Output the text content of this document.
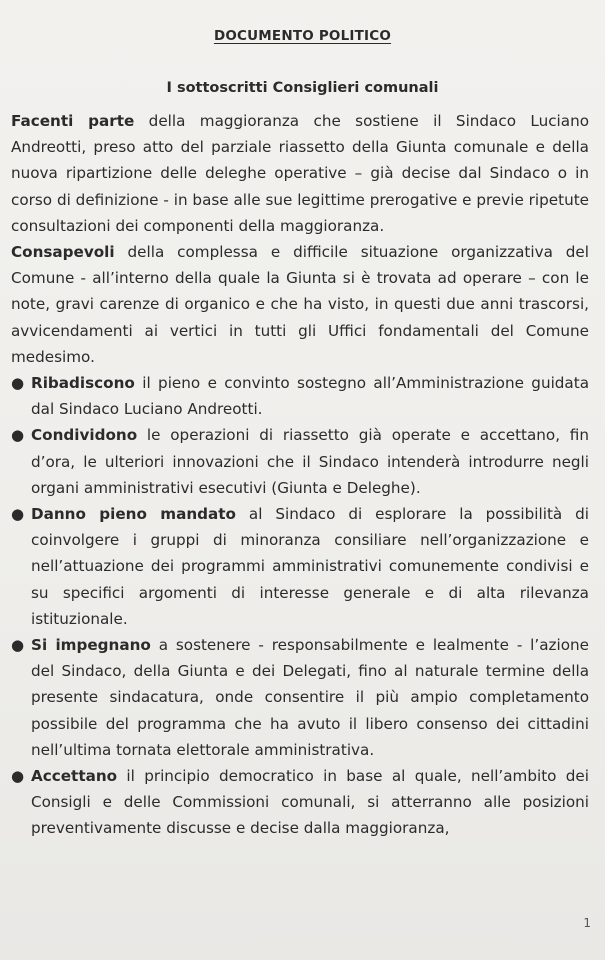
DOCUMENTO POLITICO
I sottoscritti Consiglieri comunali

Facenti parte della maggioranza che sostiene il Sindaco Luciano Andreotti, preso atto del parziale riassetto della Giunta comunale e della nuova ripartizione delle deleghe operative – già decise dal Sindaco o in corso di definizione - in base alle sue legittime prerogative e previe ripetute consultazioni dei componenti della maggioranza.

Consapevoli della complessa e difficile situazione organizzativa del Comune - all’interno della quale la Giunta si è trovata ad operare – con le note, gravi carenze di organico e che ha visto, in questi due anni trascorsi, avvicendamenti ai vertici in tutti gli Uffici fondamentali del Comune medesimo.

● Ribadiscono il pieno e convinto sostegno all’Amministrazione guidata dal Sindaco Luciano Andreotti.
● Condividono le operazioni di riassetto già operate e accettano, fin d’ora, le ulteriori innovazioni che il Sindaco intenderà introdurre negli organi amministrativi esecutivi (Giunta e Deleghe).
● Danno pieno mandato al Sindaco di esplorare la possibilità di coinvolgere i gruppi di minoranza consiliare nell’organizzazione e nell’attuazione dei programmi amministrativi comunemente condivisi e su specifici argomenti di interesse generale e di alta rilevanza istituzionale.
● Si impegnano a sostenere - responsabilmente e lealmente - l’azione del Sindaco, della Giunta e dei Delegati, fino al naturale termine della presente sindacatura, onde consentire il più ampio completamento possibile del programma che ha avuto il libero consenso dei cittadini nell’ultima tornata elettorale amministrativa.
● Accettano il principio democratico in base al quale, nell’ambito dei Consigli e delle Commissioni comunali, si atterranno alle posizioni preventivamente discusse e decise dalla maggioranza,
1
